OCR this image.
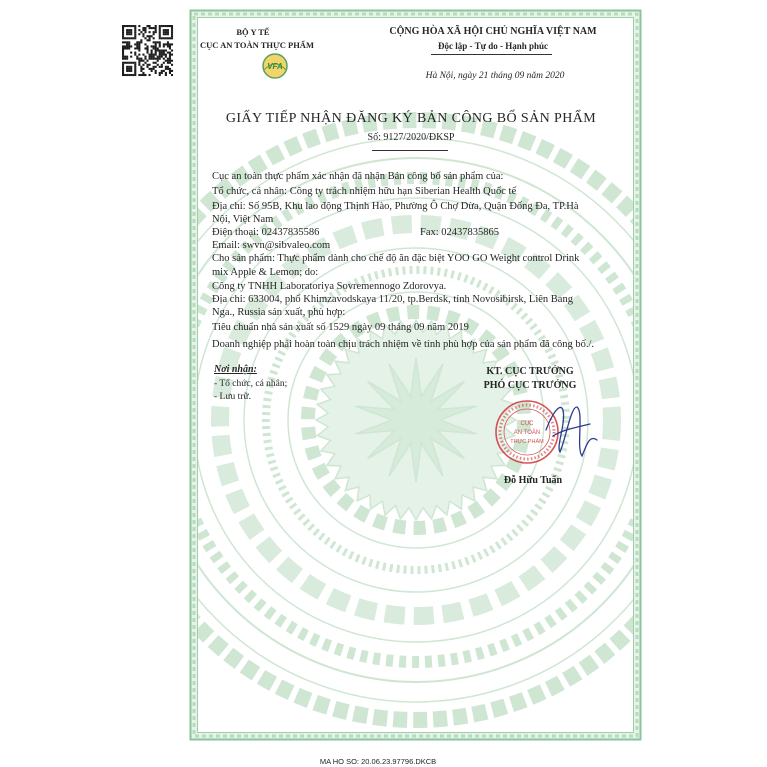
VFA
CỤC
AN TOÀN
THỰC PHẨM
BỘ Y TẾ
CỤC AN TOÀN THỰC PHẨM
CỘNG HÒA XÃ HỘI CHỦ NGHĨA VIỆT NAM
Độc lập - Tự do - Hạnh phúc
Hà Nội, ngày 21 tháng 09 năm 2020
GIẤY TIẾP NHẬN ĐĂNG KÝ BẢN CÔNG BỐ SẢN PHẨM
Số: 9127/2020/ĐKSP
Cục an toàn thực phẩm xác nhận đã nhận Bản công bố sản phẩm của:
Tổ chức, cá nhân: Công ty trách nhiệm hữu hạn Siberian Health Quốc tế
Địa chỉ: Số 95B, Khu lao động Thịnh Hào, Phường Ô Chợ Dừa, Quận Đống Đa, TP.Hà
Nội, Việt Nam
Điện thoại: 02437835586	Fax: 02437835865
Email: swvn@sibvaleo.com
Cho sản phẩm: Thực phẩm dành cho chế độ ăn đặc biệt YOO GO Weight control Drink
mix Apple & Lemon; do:
Công ty TNHH Laboratoriya Sovremennogo Zdorovya.
Địa chỉ: 633004, phố Khimzavodskaya 11/20, tp.Berdsk, tỉnh Novosibirsk, Liên Bang
Nga., Russia sản xuất, phù hợp:
Tiêu chuẩn nhà sản xuất số 1529 ngày 09 tháng 09 năm 2019
Doanh nghiệp phải hoàn toàn chịu trách nhiệm về tính phù hợp của sản phẩm đã công bố./.
Nơi nhận:
- Tổ chức, cá nhân;
- Lưu trữ.
KT. CỤC TRƯỞNG
PHÓ CỤC TRƯỞNG
Đỗ Hữu Tuấn
MA HO SO: 20.06.23.97796.DKCB
